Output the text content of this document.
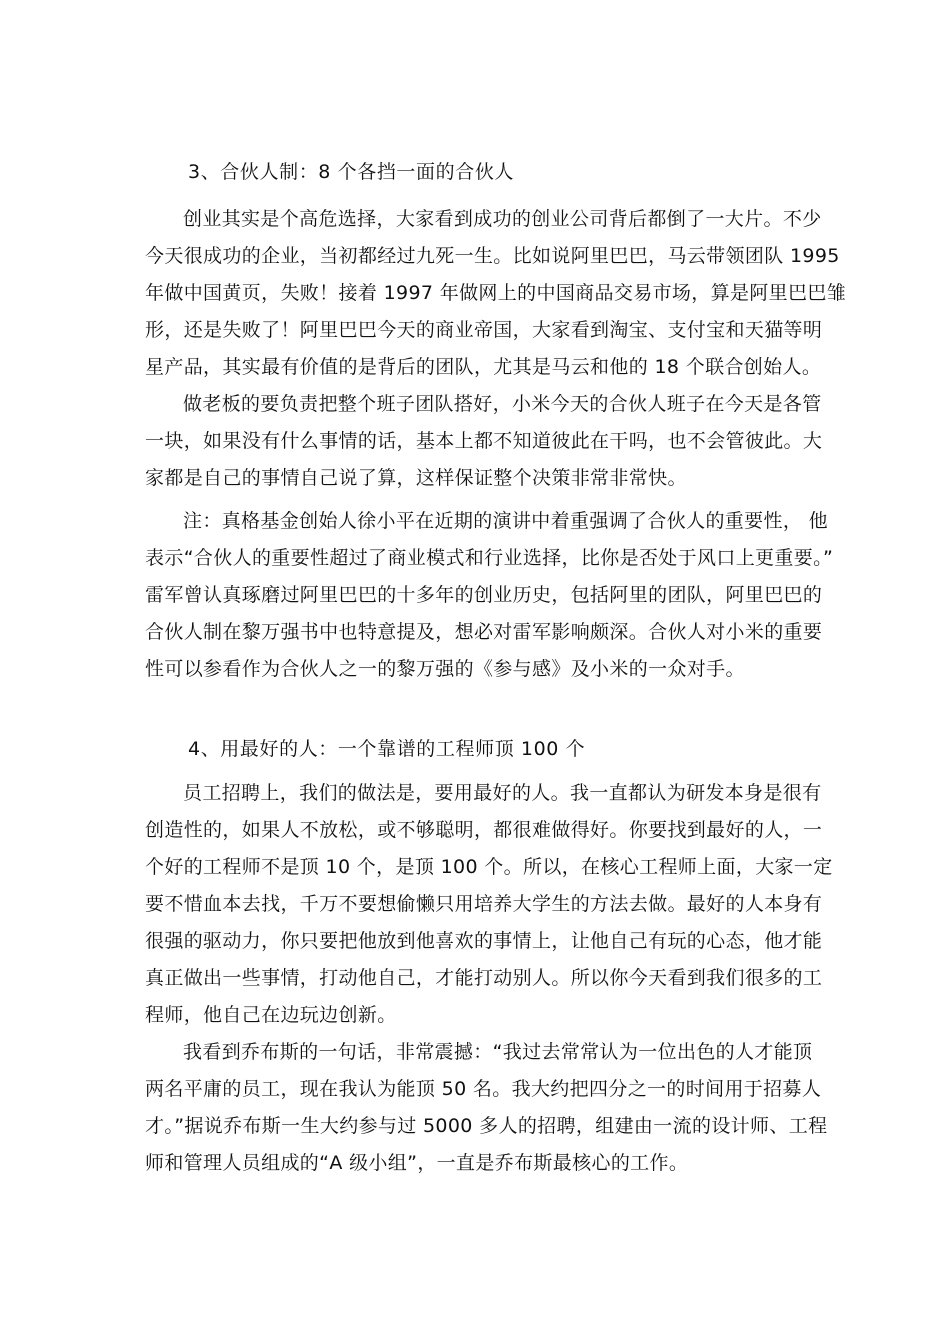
3、合伙人制：8 个各挡一面的合伙人
创业其实是个高危选择，大家看到成功的创业公司背后都倒了一大片。不少
今天很成功的企业，当初都经过九死一生。比如说阿里巴巴，马云带领团队 1995
年做中国黄页，失败！接着 1997 年做网上的中国商品交易市场，算是阿里巴巴雏
形，还是失败了！阿里巴巴今天的商业帝国，大家看到淘宝、支付宝和天猫等明
星产品，其实最有价值的是背后的团队，尤其是马云和他的 18 个联合创始人。
做老板的要负责把整个班子团队搭好，小米今天的合伙人班子在今天是各管
一块，如果没有什么事情的话，基本上都不知道彼此在干吗，也不会管彼此。大
家都是自己的事情自己说了算，这样保证整个决策非常非常快。
注：真格基金创始人徐小平在近期的演讲中着重强调了合伙人的重要性， 他
表示“合伙人的重要性超过了商业模式和行业选择，比你是否处于风口上更重要。”
雷军曾认真琢磨过阿里巴巴的十多年的创业历史，包括阿里的团队，阿里巴巴的
合伙人制在黎万强书中也特意提及，想必对雷军影响颇深。合伙人对小米的重要
性可以参看作为合伙人之一的黎万强的《参与感》及小米的一众对手。
4、用最好的人：一个靠谱的工程师顶 100 个
员工招聘上，我们的做法是，要用最好的人。我一直都认为研发本身是很有
创造性的，如果人不放松，或不够聪明，都很难做得好。你要找到最好的人，一
个好的工程师不是顶 10 个，是顶 100 个。所以，在核心工程师上面，大家一定
要不惜血本去找，千万不要想偷懒只用培养大学生的方法去做。最好的人本身有
很强的驱动力，你只要把他放到他喜欢的事情上，让他自己有玩的心态，他才能
真正做出一些事情，打动他自己，才能打动别人。所以你今天看到我们很多的工
程师，他自己在边玩边创新。
我看到乔布斯的一句话，非常震撼：“我过去常常认为一位出色的人才能顶
两名平庸的员工，现在我认为能顶 50 名。我大约把四分之一的时间用于招募人
才。”据说乔布斯一生大约参与过 5000 多人的招聘，组建由一流的设计师、工程
师和管理人员组成的“A 级小组”，一直是乔布斯最核心的工作。
